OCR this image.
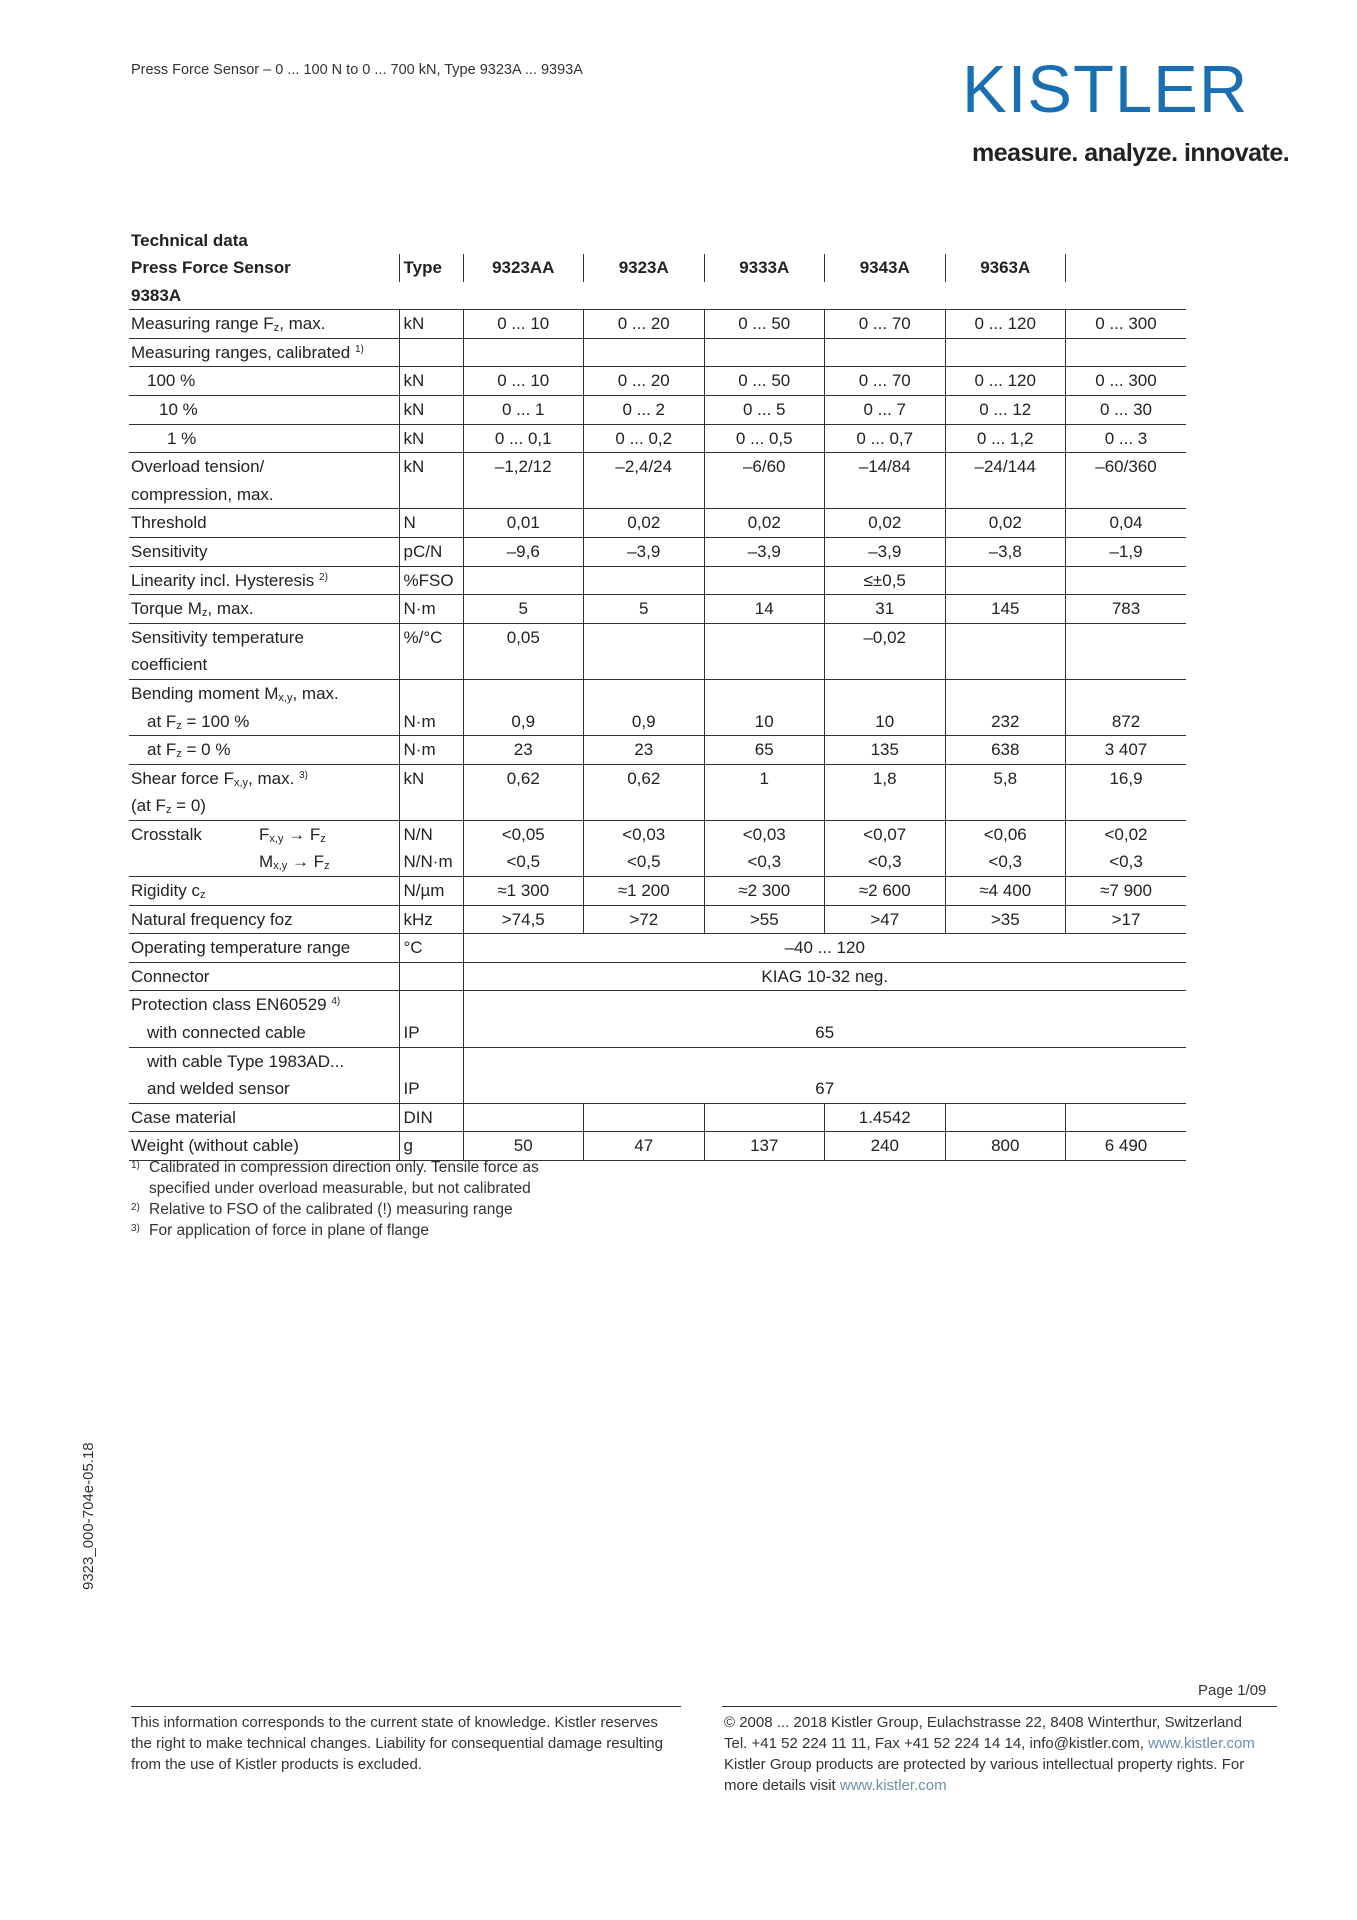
Press Force Sensor – 0 ... 100 N to 0 ... 700 kN, Type 9323A ... 9393A	KISTLER
measure. analyze. innovate.
Technical data
Press Force Sensor	Type	9323AA	9323A	9333A	9343A	9363A	
9383A							
Measuring range $F_z$, max.	kN	0 ... 10	0 ... 20	0 ... 50	0 ... 70	0 ... 120	0 ... 300
Measuring ranges, calibrated $^{1)}$							
100 %	kN	0 ... 10	0 ... 20	0 ... 50	0 ... 70	0 ... 120	0 ... 300
10 %	kN	0 ... 1	0 ... 2	0 ... 5	0 ... 7	0 ... 12	0 ... 30
1 %	kN	0 ... 0,1	0 ... 0,2	0 ... 0,5	0 ... 0,7	0 ... 1,2	0 ... 3
Overload tension/	kN	–1,2/12	–2,4/24	–6/60	–14/84	–24/144	–60/360
compression, max.							
Threshold	N	0,01	0,02	0,02	0,02	0,02	0,04
Sensitivity	pC/N	–9,6	–3,9	–3,9	–3,9	–3,8	–1,9
Linearity incl. Hysteresis $^{2)}$	%FSO				≤±0,5		
Torque $M_z$, max.	N·m	5	5	14	31	145	783
Sensitivity temperature	%/°C	0,05			–0,02		
coefficient							
Bending moment $M_{x,y}$, max.							
at $F_z = 100$ %	N·m	0,9	0,9	10	10	232	872
at $F_z = 0$ %	N·m	23	23	65	135	638	3 407
Shear force $F_{x,y}$, max. $^{3)}$	kN	0,62	0,62	1	1,8	5,8	16,9
(at $F_z = 0$)							
Crosstalk $F_{x,y} \to F_z$	N/N	<0,05	<0,03	<0,03	<0,07	<0,06	<0,02
$M_{x,y} \to F_z$	N/N·m	<0,5	<0,5	<0,3	<0,3	<0,3	<0,3
Rigidity $c_z$	N/µm	≈1 300	≈1 200	≈2 300	≈2 600	≈4 400	≈7 900
Natural frequency foz	kHz	>74,5	>72	>55	>47	>35	>17
Operating temperature range	°C	–40 ... 120					
Connector		KIAG 10-32 neg.					
Protection class EN60529 $^{4)}$		
with connected cable	IP	65					
with cable Type 1983AD...							
and welded sensor	IP	67					
Case material	DIN				1.4542		
Weight (without cable)	g	50	47	137	240	800	6 490
1) Calibrated in compression direction only. Tensile force as
specified under overload measurable, but not calibrated
2) Relative to FSO of the calibrated (!) measuring range
3) For application of force in plane of flange
9323_000-704e-05.18
Page 1/09
This information corresponds to the current state of knowledge. Kistler reserves
the right to make technical changes. Liability for consequential damage resulting
from the use of Kistler products is excluded.
© 2008 ... 2018 Kistler Group, Eulachstrasse 22, 8408 Winterthur, Switzerland
Tel. +41 52 224 11 11, Fax +41 52 224 14 14, info@kistler.com, www.kistler.com
Kistler Group products are protected by various intellectual property rights. For
more details visit www.kistler.com
